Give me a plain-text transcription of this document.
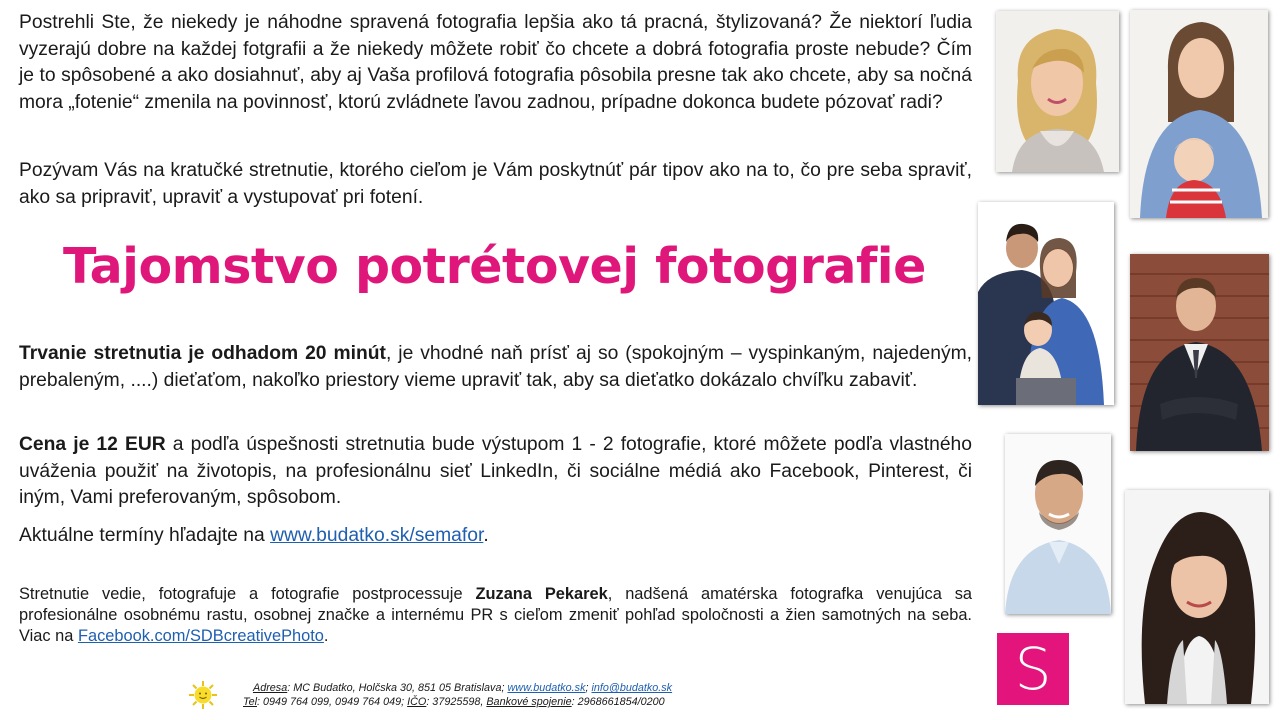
Postrehli Ste, že niekedy je náhodne spravená fotografia lepšia ako tá pracná, štylizovaná? Že niektorí ľudia vyzerajú dobre na každej fotgrafii a že niekedy môžete robiť čo chcete a dobrá fotografia proste nebude? Čím je to spôsobené a ako dosiahnuť, aby aj Vaša profilová fotografia pôsobila presne tak ako chcete, aby sa nočná mora „fotenie“ zmenila na povinnosť, ktorú zvládnete ľavou zadnou, prípadne dokonca budete pózovať radi?

Pozývam Vás na kratučké stretnutie, ktorého cieľom je Vám poskytnúť pár tipov ako na to, čo pre seba spraviť, ako sa pripraviť, upraviť a vystupovať pri fotení.

Trvanie stretnutia je odhadom 20 minút, je vhodné naň prísť aj so (spokojným – vyspinkaným, najedeným, prebaleným, ....) dieťaťom, nakoľko priestory vieme upraviť tak, aby sa dieťatko dokázalo chvíľku zabaviť.

Cena je 12 EUR a podľa úspešnosti stretnutia bude výstupom 1 - 2 fotografie, ktoré môžete podľa vlastného uváženia použiť na životopis, na profesionálnu sieť LinkedIn, či sociálne médiá ako Facebook, Pinterest, či iným, Vami preferovaným, spôsobom.

Aktuálne termíny hľadajte na www.budatko.sk/semafor.

Stretnutie vedie, fotografuje a fotografie postprocessuje Zuzana Pekarek, nadšená amatérska fotografka venujúca sa profesionálne osobnému rastu, osobnej značke a internému PR s cieľom zmeniť pohľad spoločnosti a žien samotných na seba. Viac na Facebook.com/SDBcreativePhoto.

Tajomstvo potrétovej fotografie
S
Adresa: MC Budatko, Holčska 30, 851 05 Bratislava; www.budatko.sk; info@budatko.sk
Tel: 0949 764 099, 0949 764 049; IČO: 37925598, Bankové spojenie: 2968661854/0200
